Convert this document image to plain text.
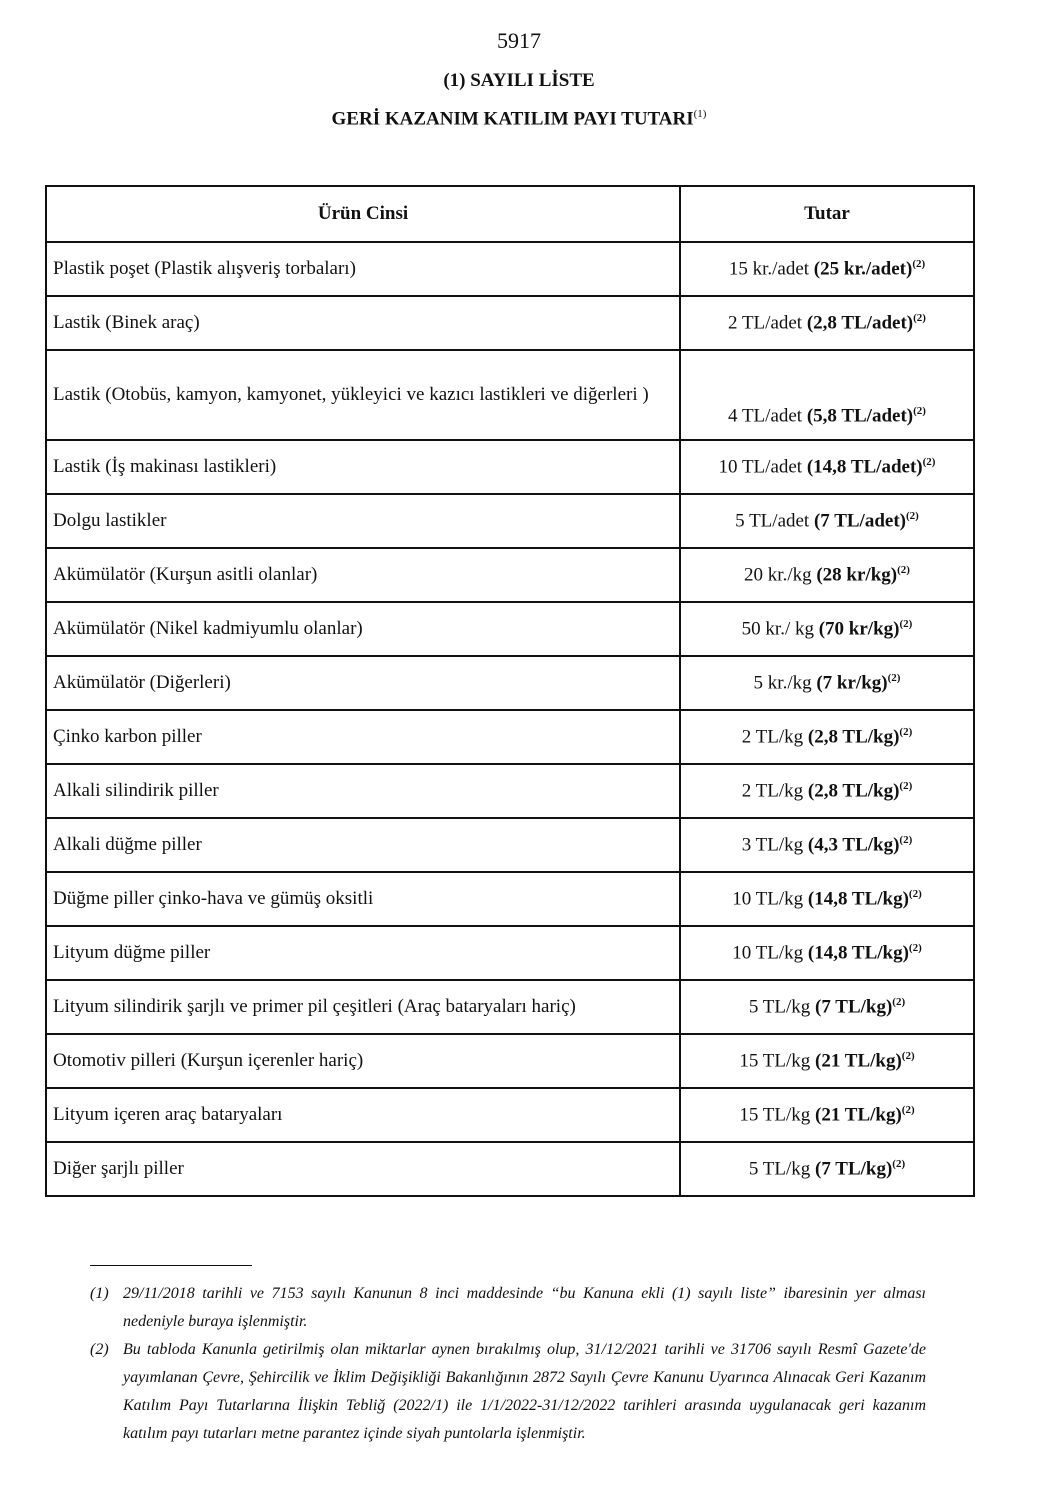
5917
(1) SAYILI LİSTE
GERİ KAZANIM KATILIM PAYI TUTARI$^{(1)}$
Ürün Cinsi	Tutar
Plastik poşet (Plastik alışveriş torbaları)	15 kr./adet (25 kr./adet)$^{(2)}$
Lastik (Binek araç)	2 TL/adet (2,8 TL/adet)$^{(2)}$
Lastik (Otobüs, kamyon, kamyonet, yükleyici ve kazıcı lastikleri ve diğerleri )	4 TL/adet (5,8 TL/adet)$^{(2)}$
Lastik (İş makinası lastikleri)	10 TL/adet (14,8 TL/adet)$^{(2)}$
Dolgu lastikler	5 TL/adet (7 TL/adet)$^{(2)}$
Akümülatör (Kurşun asitli olanlar)	20 kr./kg (28 kr/kg)$^{(2)}$
Akümülatör (Nikel kadmiyumlu olanlar)	50 kr./ kg (70 kr/kg)$^{(2)}$
Akümülatör (Diğerleri)	5 kr./kg (7 kr/kg)$^{(2)}$
Çinko karbon piller	2 TL/kg (2,8 TL/kg)$^{(2)}$
Alkali silindirik piller	2 TL/kg (2,8 TL/kg)$^{(2)}$
Alkali düğme piller	3 TL/kg (4,3 TL/kg)$^{(2)}$
Düğme piller çinko-hava ve gümüş oksitli	10 TL/kg (14,8 TL/kg)$^{(2)}$
Lityum düğme piller	10 TL/kg (14,8 TL/kg)$^{(2)}$
Lityum silindirik şarjlı ve primer pil çeşitleri (Araç bataryaları hariç)	5 TL/kg (7 TL/kg)$^{(2)}$
Otomotiv pilleri (Kurşun içerenler hariç)	15 TL/kg (21 TL/kg)$^{(2)}$
Lityum içeren araç bataryaları	15 TL/kg (21 TL/kg)$^{(2)}$
Diğer şarjlı piller	5 TL/kg (7 TL/kg)$^{(2)}$
(1) 29/11/2018 tarihli ve 7153 sayılı Kanunun 8 inci maddesinde “bu Kanuna ekli (1) sayılı liste” ibaresinin yer alması nedeniyle buraya işlenmiştir.
(2) Bu tabloda Kanunla getirilmiş olan miktarlar aynen bırakılmış olup, 31/12/2021 tarihli ve 31706 sayılı Resmî Gazete'de yayımlanan Çevre, Şehircilik ve İklim Değişikliği Bakanlığının 2872 Sayılı Çevre Kanunu Uyarınca Alınacak Geri Kazanım Katılım Payı Tutarlarına İlişkin Tebliğ (2022/1) ile 1/1/2022-31/12/2022 tarihleri arasında uygulanacak geri kazanım katılım payı tutarları metne parantez içinde siyah puntolarla işlenmiştir.
